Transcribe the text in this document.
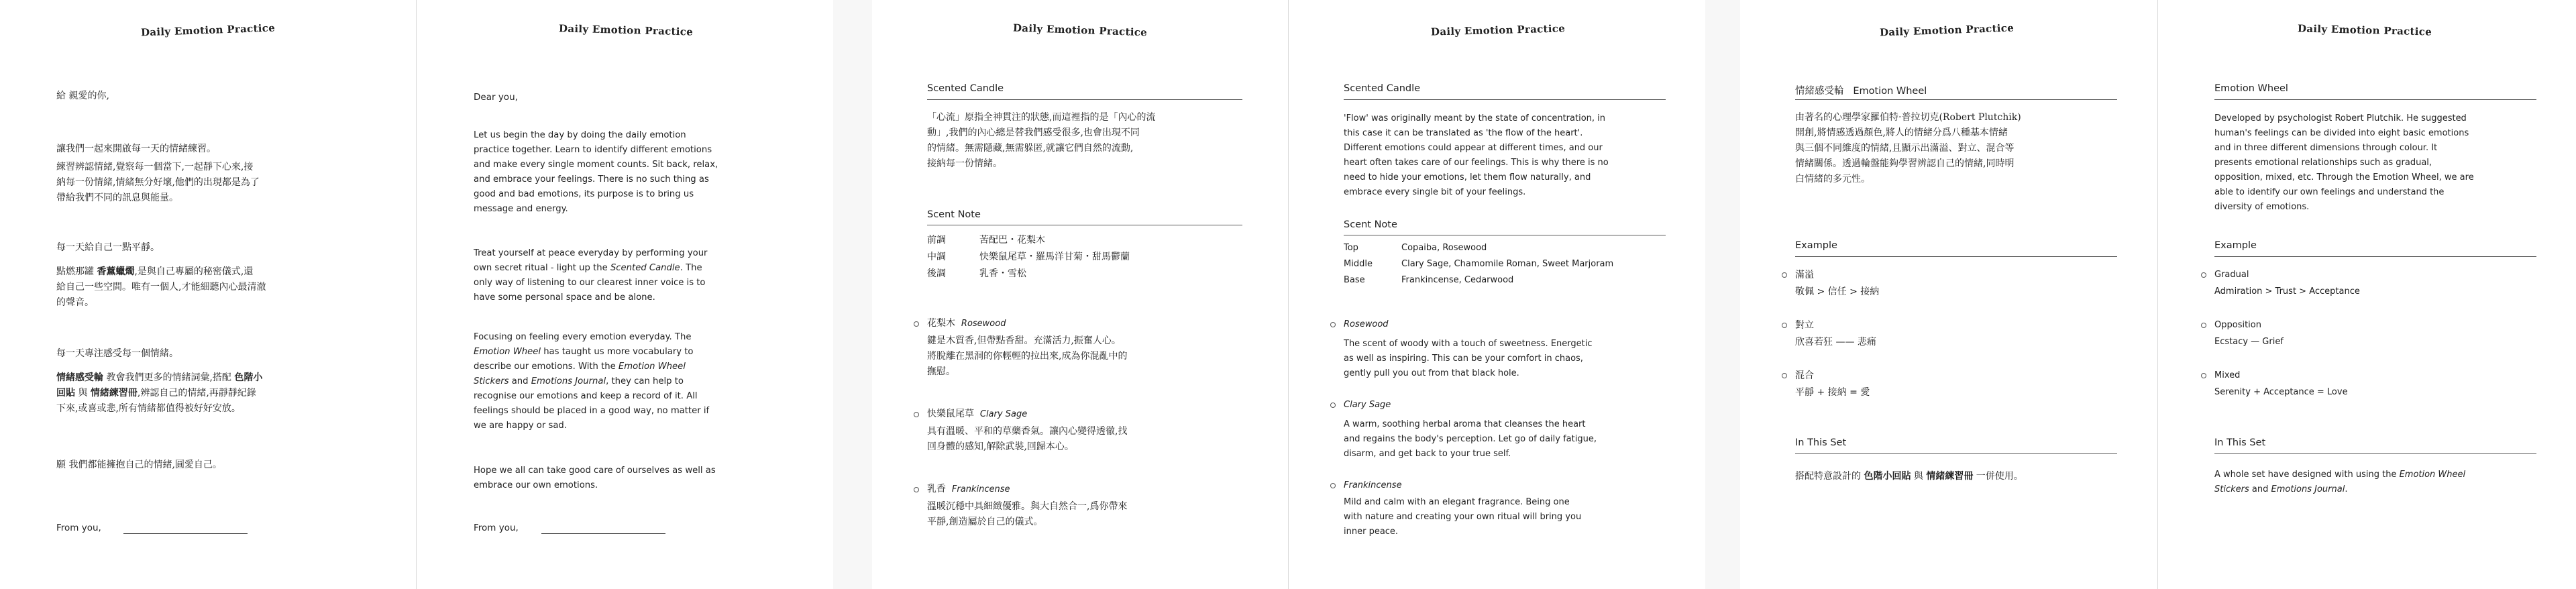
Daily Emotion Practice
給 親愛的你,
讓我們一起來開啟每一天的情緒練習。
練習辨認情緒,覺察每一個當下,一起靜下心來,接
納每一份情緒,情緒無分好壞,他們的出現都是為了
帶給我們不同的訊息與能量。
每一天給自己一點平靜。
點燃那罐 香薰蠟燭,是與自己專屬的秘密儀式,還
給自己一些空間。唯有一個人,才能細聽內心最清澈
的聲音。
每一天專注感受每一個情緒。
情緒感受輪 教會我們更多的情緒詞彙,搭配 色階小
回貼 與 情緒練習冊,辨認自己的情緒,再靜靜紀錄
下來,或喜或悲,所有情緒都值得被好好安放。
願 我們都能擁抱自己的情緒,圓愛自己。
From you,
Daily Emotion Practice
Dear you,
Let us begin the day by doing the daily emotion
practice together. Learn to identify different emotions
and make every single moment counts. Sit back, relax,
and embrace your feelings. There is no such thing as
good and bad emotions, its purpose is to bring us
message and energy.
Treat yourself at peace everyday by performing your
own secret ritual - light up the Scented Candle. The
only way of listening to our clearest inner voice is to
have some personal space and be alone.
Focusing on feeling every emotion everyday. The
Emotion Wheel has taught us more vocabulary to
describe our emotions. With the Emotion Wheel
Stickers and Emotions Journal, they can help to
recognise our emotions and keep a record of it. All
feelings should be placed in a good way, no matter if
we are happy or sad.
Hope we all can take good care of ourselves as well as
embrace our own emotions.
From you,
Daily Emotion Practice
Scented Candle
「心流」原指全神貫注的狀態,而這裡指的是「內心的流
動」,我們的內心總是替我們感受很多,也會出現不同
的情緒。無需隱藏,無需躲匿,就讓它們自然的流動,
接納每一份情緒。
Scent Note
前調	苦配巴・花梨木
中調	快樂鼠尾草・羅馬洋甘菊・甜馬鬱蘭
後調	乳香・雪松
花梨木 Rosewood
鍵是木質香,但帶點香甜。充滿活力,振奮人心。
將脫離在黑洞的你輕輕的拉出來,成為你混亂中的
撫慰。
快樂鼠尾草 Clary Sage
具有溫暖、平和的草藥香氣。讓內心變得透徹,找
回身體的感知,解除武裝,回歸本心。
乳香 Frankincense
溫暖沉穩中具細緻優雅。與大自然合一,爲你帶來
平靜,創造屬於自己的儀式。
Daily Emotion Practice
Scented Candle
'Flow' was originally meant by the state of concentration, in
this case it can be translated as 'the flow of the heart'.
Different emotions could appear at different times, and our
heart often takes care of our feelings. This is why there is no
need to hide your emotions, let them flow naturally, and
embrace every single bit of your feelings.
Scent Note
Top	Copaiba, Rosewood
Middle	Clary Sage, Chamomile Roman, Sweet Marjoram
Base	Frankincense, Cedarwood
Rosewood
The scent of woody with a touch of sweetness. Energetic
as well as inspiring. This can be your comfort in chaos,
gently pull you out from that black hole.
Clary Sage
A warm, soothing herbal aroma that cleanses the heart
and regains the body's perception. Let go of daily fatigue,
disarm, and get back to your true self.
Frankincense
Mild and calm with an elegant fragrance. Being one
with nature and creating your own ritual will bring you
inner peace.
Daily Emotion Practice
情緒感受輪 Emotion Wheel
由著名的心理學家羅伯特·普拉切克(Robert Plutchik)
開創,將情感透過顏色,將人的情緒分爲八種基本情緒
與三個不同維度的情緒,且顯示出滿溢、對立、混合等
情緒關係。透過輪盤能夠學習辨認自己的情緒,同時明
白情緒的多元性。
Example
滿溢
敬佩 > 信任 > 接納
對立
欣喜若狂 —— 悲痛
混合
平靜 + 接納 = 愛
In This Set
搭配特意設計的 色階小回貼 與 情緒練習冊 一併使用。
Daily Emotion Practice
Emotion Wheel
Developed by psychologist Robert Plutchik. He suggested
human's feelings can be divided into eight basic emotions
and in three different dimensions through colour. It
presents emotional relationships such as gradual,
opposition, mixed, etc. Through the Emotion Wheel, we are
able to identify our own feelings and understand the
diversity of emotions.
Example
Gradual
Admiration > Trust > Acceptance
Opposition
Ecstacy — Grief
Mixed
Serenity + Acceptance = Love
In This Set
A whole set have designed with using the Emotion Wheel
Stickers and Emotions Journal.
